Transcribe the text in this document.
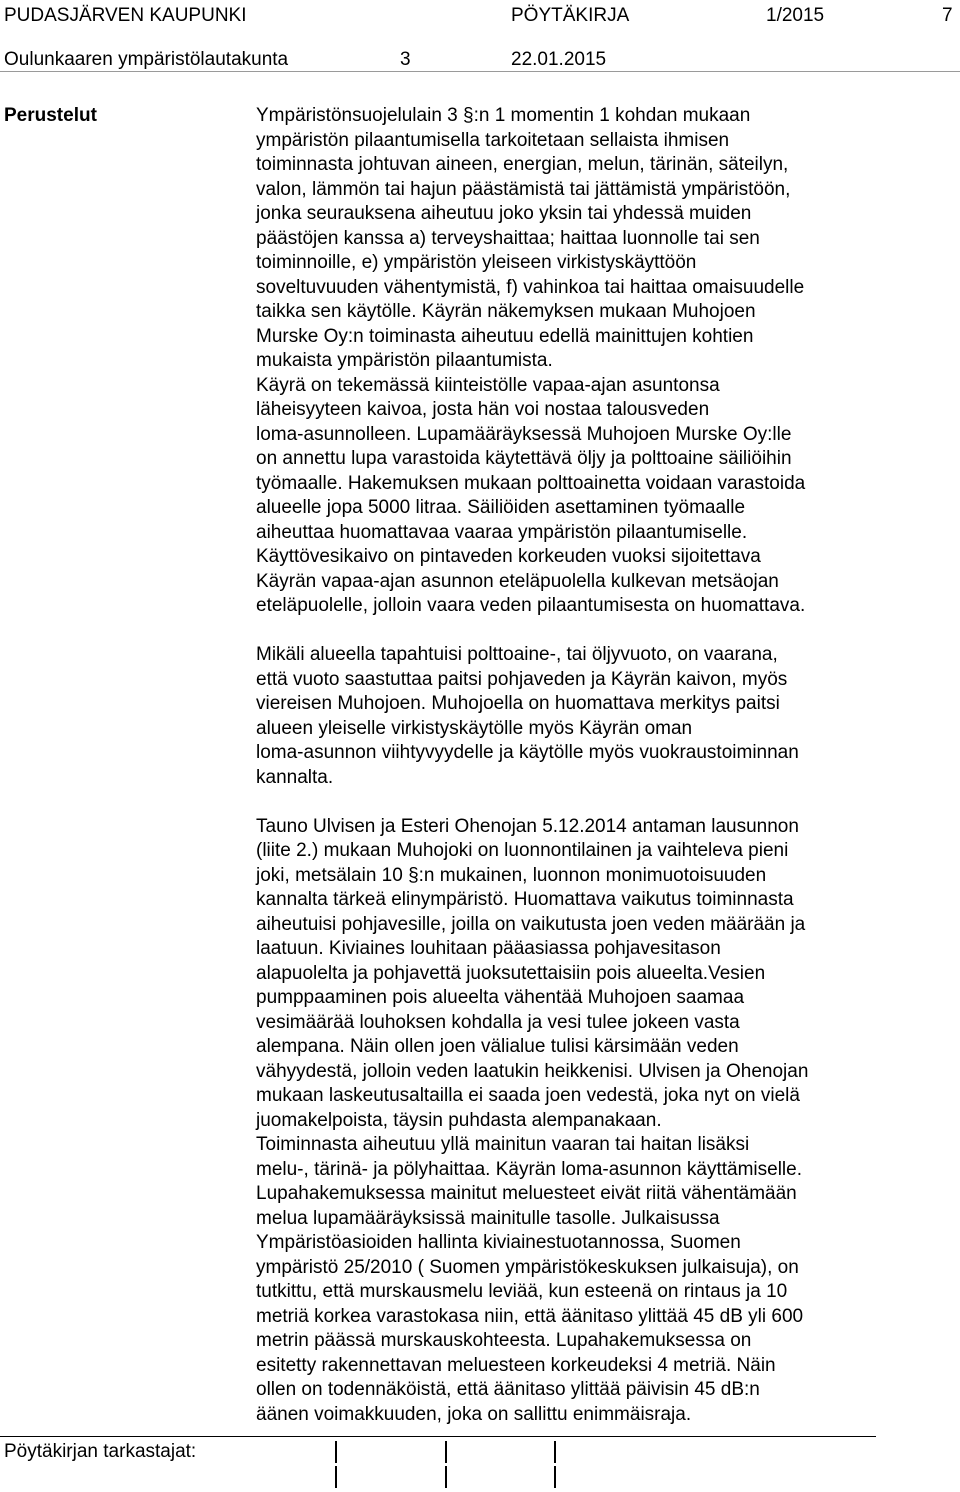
PUDASJÄRVEN KAUPUNKI	PÖYTÄKIRJA	1/2015	7
Oulunkaaren ympäristölautakunta	3	22.01.2015
Perustelut	Ympäristönsuojelulain 3 §:n 1 momentin 1 kohdan mukaan
ympäristön pilaantumisella tarkoitetaan sellaista ihmisen
toiminnasta johtuvan aineen, energian, melun, tärinän, säteilyn,
valon, lämmön tai hajun päästämistä tai jättämistä ympäristöön,
jonka seurauksena aiheutuu joko yksin tai yhdessä muiden
päästöjen kanssa a) terveyshaittaa; haittaa luonnolle tai sen
toiminnoille, e) ympäristön yleiseen virkistyskäyttöön
soveltuvuuden vähentymistä, f) vahinkoa tai haittaa omaisuudelle
taikka sen käytölle. Käyrän näkemyksen mukaan Muhojoen
Murske Oy:n toiminasta aiheutuu edellä mainittujen kohtien
mukaista ympäristön pilaantumista.
Käyrä on tekemässä kiinteistölle vapaa-ajan asuntonsa
läheisyyteen kaivoa, josta hän voi nostaa talousveden
loma-asunnolleen. Lupamääräyksessä Muhojoen Murske Oy:lle
on annettu lupa varastoida käytettävä öljy ja polttoaine säiliöihin
työmaalle. Hakemuksen mukaan polttoainetta voidaan varastoida
alueelle jopa 5000 litraa. Säiliöiden asettaminen työmaalle
aiheuttaa huomattavaa vaaraa ympäristön pilaantumiselle.
Käyttövesikaivo on pintaveden korkeuden vuoksi sijoitettava
Käyrän vapaa-ajan asunnon eteläpuolella kulkevan metsäojan
eteläpuolelle, jolloin vaara veden pilaantumisesta on huomattava.
Mikäli alueella tapahtuisi polttoaine-, tai öljyvuoto, on vaarana,
että vuoto saastuttaa paitsi pohjaveden ja Käyrän kaivon, myös
viereisen Muhojoen. Muhojoella on huomattava merkitys paitsi
alueen yleiselle virkistyskäytölle myös Käyrän oman
loma-asunnon viihtyvyydelle ja käytölle myös vuokraustoiminnan
kannalta.
Tauno Ulvisen ja Esteri Ohenojan 5.12.2014 antaman lausunnon
(liite 2.) mukaan Muhojoki on luonnontilainen ja vaihteleva pieni
joki, metsälain 10 §:n mukainen, luonnon monimuotoisuuden
kannalta tärkeä elinympäristö. Huomattava vaikutus toiminnasta
aiheutuisi pohjavesille, joilla on vaikutusta joen veden määrään ja
laatuun. Kiviaines louhitaan pääasiassa pohjavesitason
alapuolelta ja pohjavettä juoksutettaisiin pois alueelta.Vesien
pumppaaminen pois alueelta vähentää Muhojoen saamaa
vesimäärää louhoksen kohdalla ja vesi tulee jokeen vasta
alempana. Näin ollen joen välialue tulisi kärsimään veden
vähyydestä, jolloin veden laatukin heikkenisi. Ulvisen ja Ohenojan
mukaan laskeutusaltailla ei saada joen vedestä, joka nyt on vielä
juomakelpoista, täysin puhdasta alempanakaan.
Toiminnasta aiheutuu yllä mainitun vaaran tai haitan lisäksi
melu-, tärinä- ja pölyhaittaa. Käyrän loma-asunnon käyttämiselle.
Lupahakemuksessa mainitut meluesteet eivät riitä vähentämään
melua lupamääräyksissä mainitulle tasolle. Julkaisussa
Ympäristöasioiden hallinta kiviainestuotannossa, Suomen
ympäristö 25/2010 ( Suomen ympäristökeskuksen julkaisuja), on
tutkittu, että murskausmelu leviää, kun esteenä on rintaus ja 10
metriä korkea varastokasa niin, että äänitaso ylittää 45 dB yli 600
metrin päässä murskauskohteesta. Lupahakemuksessa on
esitetty rakennettavan meluesteen korkeudeksi 4 metriä. Näin
ollen on todennäköistä, että äänitaso ylittää päivisin 45 dB:n
äänen voimakkuuden, joka on sallittu enimmäisraja.
Pöytäkirjan tarkastajat:
